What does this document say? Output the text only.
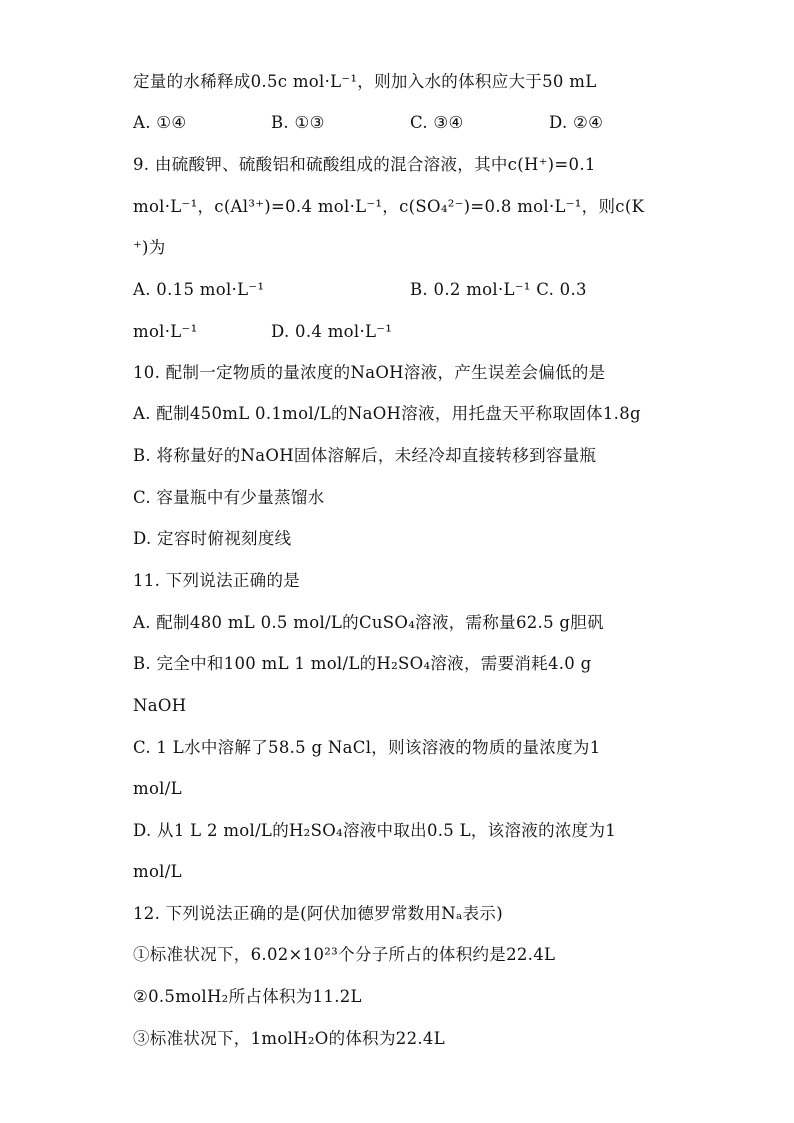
定量的水稀释成0.5c mol·L⁻¹，则加入水的体积应大于50 mL
A. ①④	B. ①③	C. ③④	D. ②④
9. 由硫酸钾、硫酸铝和硫酸组成的混合溶液，其中c(H⁺)=0.1
mol·L⁻¹，c(Al³⁺)=0.4 mol·L⁻¹，c(SO₄²⁻)=0.8 mol·L⁻¹，则c(K
⁺)为
A. 0.15 mol·L⁻¹	B. 0.2 mol·L⁻¹ C. 0.3
mol·L⁻¹	D. 0.4 mol·L⁻¹
10. 配制一定物质的量浓度的NaOH溶液，产生误差会偏低的是
A. 配制450mL 0.1mol/L的NaOH溶液，用托盘天平称取固体1.8g
B. 将称量好的NaOH固体溶解后，未经冷却直接转移到容量瓶
C. 容量瓶中有少量蒸馏水
D. 定容时俯视刻度线
11. 下列说法正确的是
A. 配制480 mL 0.5 mol/L的CuSO₄溶液，需称量62.5 g胆矾
B. 完全中和100 mL 1 mol/L的H₂SO₄溶液，需要消耗4.0 g
NaOH
C. 1 L水中溶解了58.5 g NaCl，则该溶液的物质的量浓度为1
mol/L
D. 从1 L 2 mol/L的H₂SO₄溶液中取出0.5 L，该溶液的浓度为1
mol/L
12. 下列说法正确的是(阿伏加德罗常数用Nₐ表示)
①标准状况下，6.02×10²³个分子所占的体积约是22.4L
②0.5molH₂所占体积为11.2L
③标准状况下，1molH₂O的体积为22.4L
